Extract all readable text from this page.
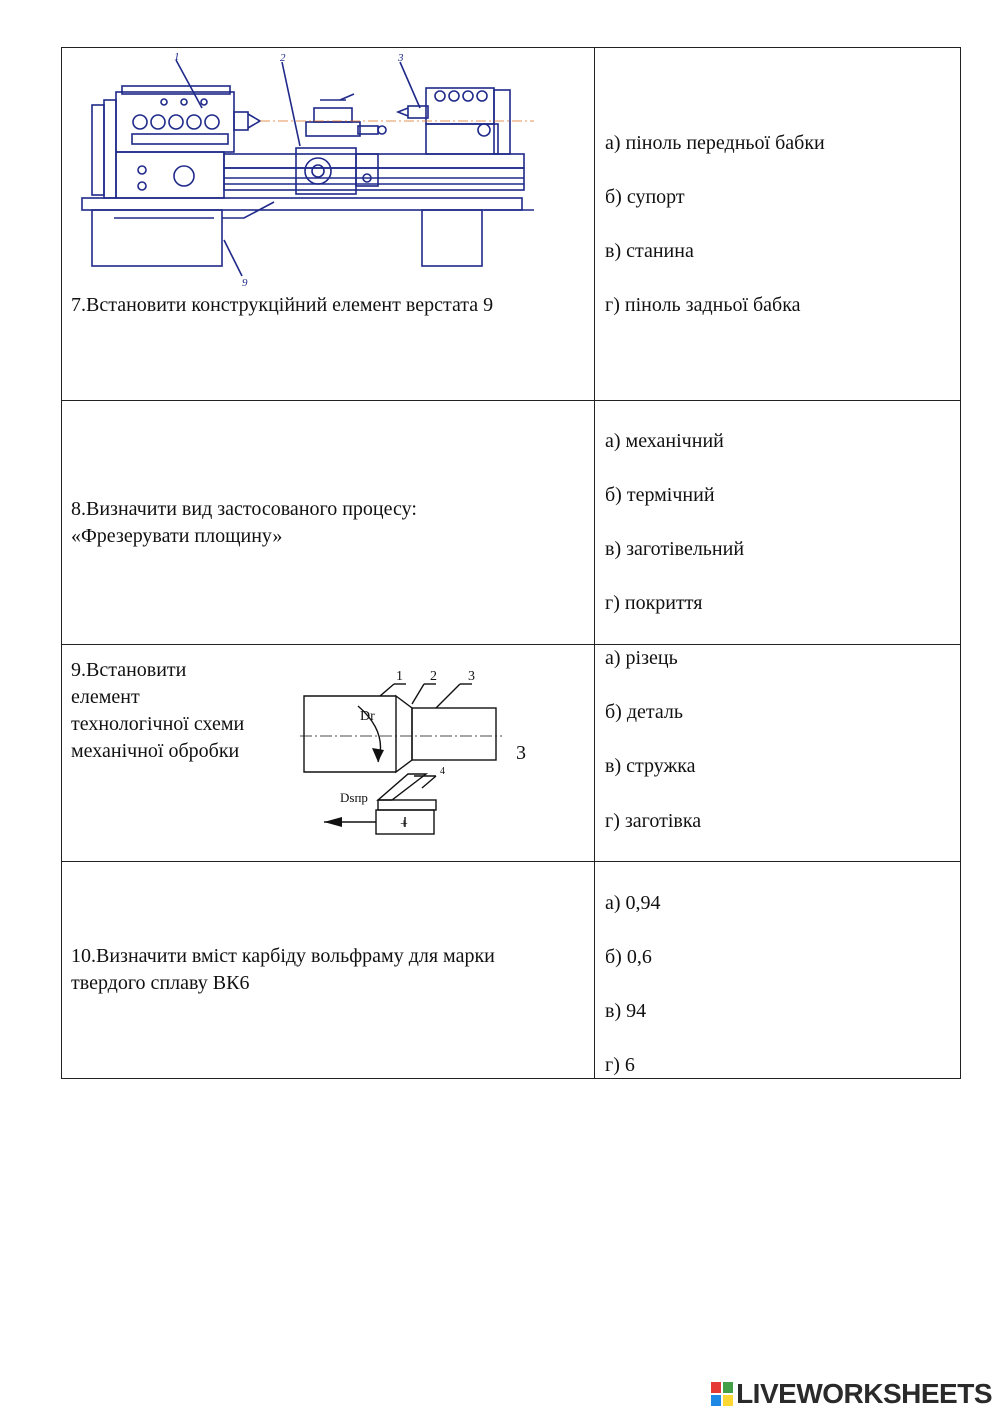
1	2	3
9
7.Встановити конструкційний елемент верстата 9
а) піноль передньої бабки
б) супорт
в) станина
г) піноль задньої бабка
8.Визначити вид застосованого процесу:
«Фрезерувати площину»
а) механічний
б) термічний
в) заготівельний
г) покриття
9.Встановити
елемент
технологічної схеми
механічної обробки
1 2 3
4
Dr
Dsпр
+
3
а) різець
б) деталь
в) стружка
г) заготівка
10.Визначити вміст карбіду вольфраму для марки
твердого сплаву ВК6
а) 0,94
б) 0,6
в) 94
г) 6
LIVEWORKSHEETS
